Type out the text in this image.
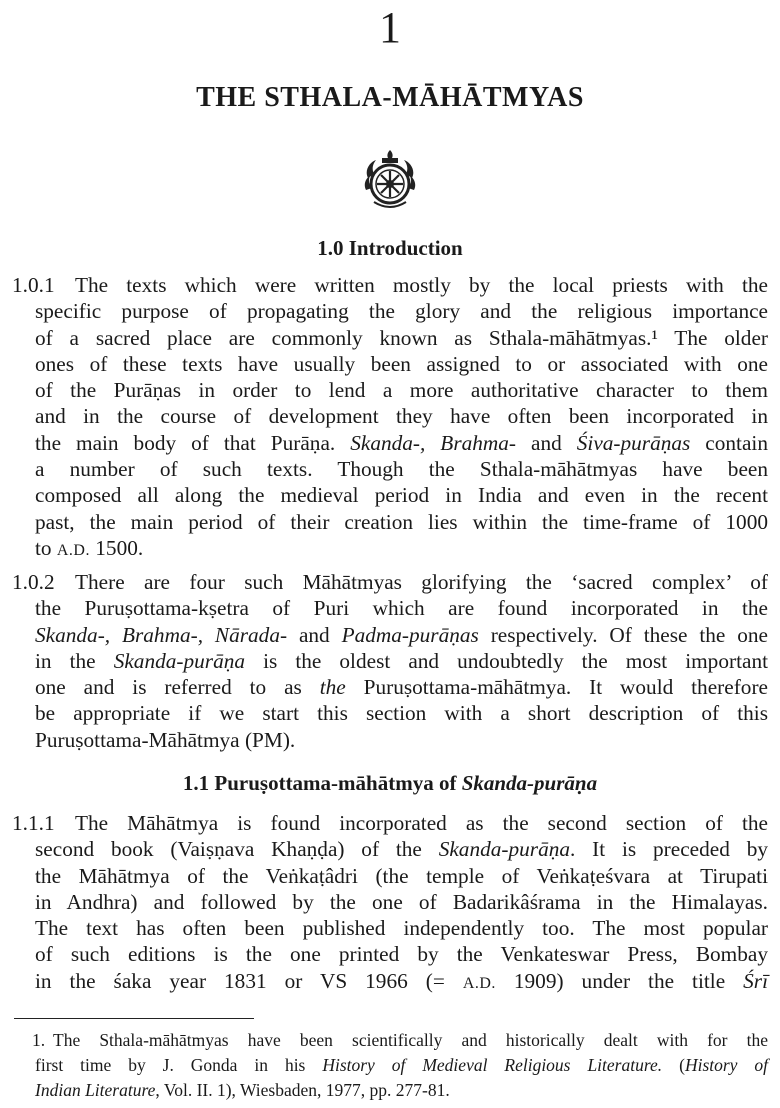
1
THE STHALA-MĀHĀTMYAS
1.0 Introduction
1.0.1 The texts which were written mostly by the local priests with the
specific purpose of propagating the glory and the religious importance
of a sacred place are commonly known as Sthala-māhātmyas.¹ The older
ones of these texts have usually been assigned to or associated with one
of the Purāṇas in order to lend a more authoritative character to them
and in the course of development they have often been incorporated in
the main body of that Purāṇa. Skanda-, Brahma- and Śiva-purāṇas contain
a number of such texts. Though the Sthala-māhātmyas have been
composed all along the medieval period in India and even in the recent
past, the main period of their creation lies within the time-frame of 1000
to A.D. 1500.
1.0.2 There are four such Māhātmyas glorifying the ‘sacred complex’ of
the Puruṣottama-kṣetra of Puri which are found incorporated in the
Skanda-, Brahma-, Nārada- and Padma-purāṇas respectively. Of these the one
in the Skanda-purāṇa is the oldest and undoubtedly the most important
one and is referred to as the Puruṣottama-māhātmya. It would therefore
be appropriate if we start this section with a short description of this
Puruṣottama-Māhātmya (PM).
1.1 Puruṣottama-māhātmya of Skanda-purāṇa
1.1.1 The Māhātmya is found incorporated as the second section of the
second book (Vaiṣṇava Khaṇḍa) of the Skanda-purāṇa. It is preceded by
the Māhātmya of the Veṅkaṭâdri (the temple of Veṅkaṭeśvara at Tirupati
in Andhra) and followed by the one of Badarikâśrama in the Himalayas.
The text has often been published independently too. The most popular
of such editions is the one printed by the Venkateswar Press, Bombay
in the śaka year 1831 or VS 1966 (= A.D. 1909) under the title Śrī
1. The Sthala-māhātmyas have been scientifically and historically dealt with for the
first time by J. Gonda in his History of Medieval Religious Literature. (History of
Indian Literature, Vol. II. 1), Wiesbaden, 1977, pp. 277-81.
